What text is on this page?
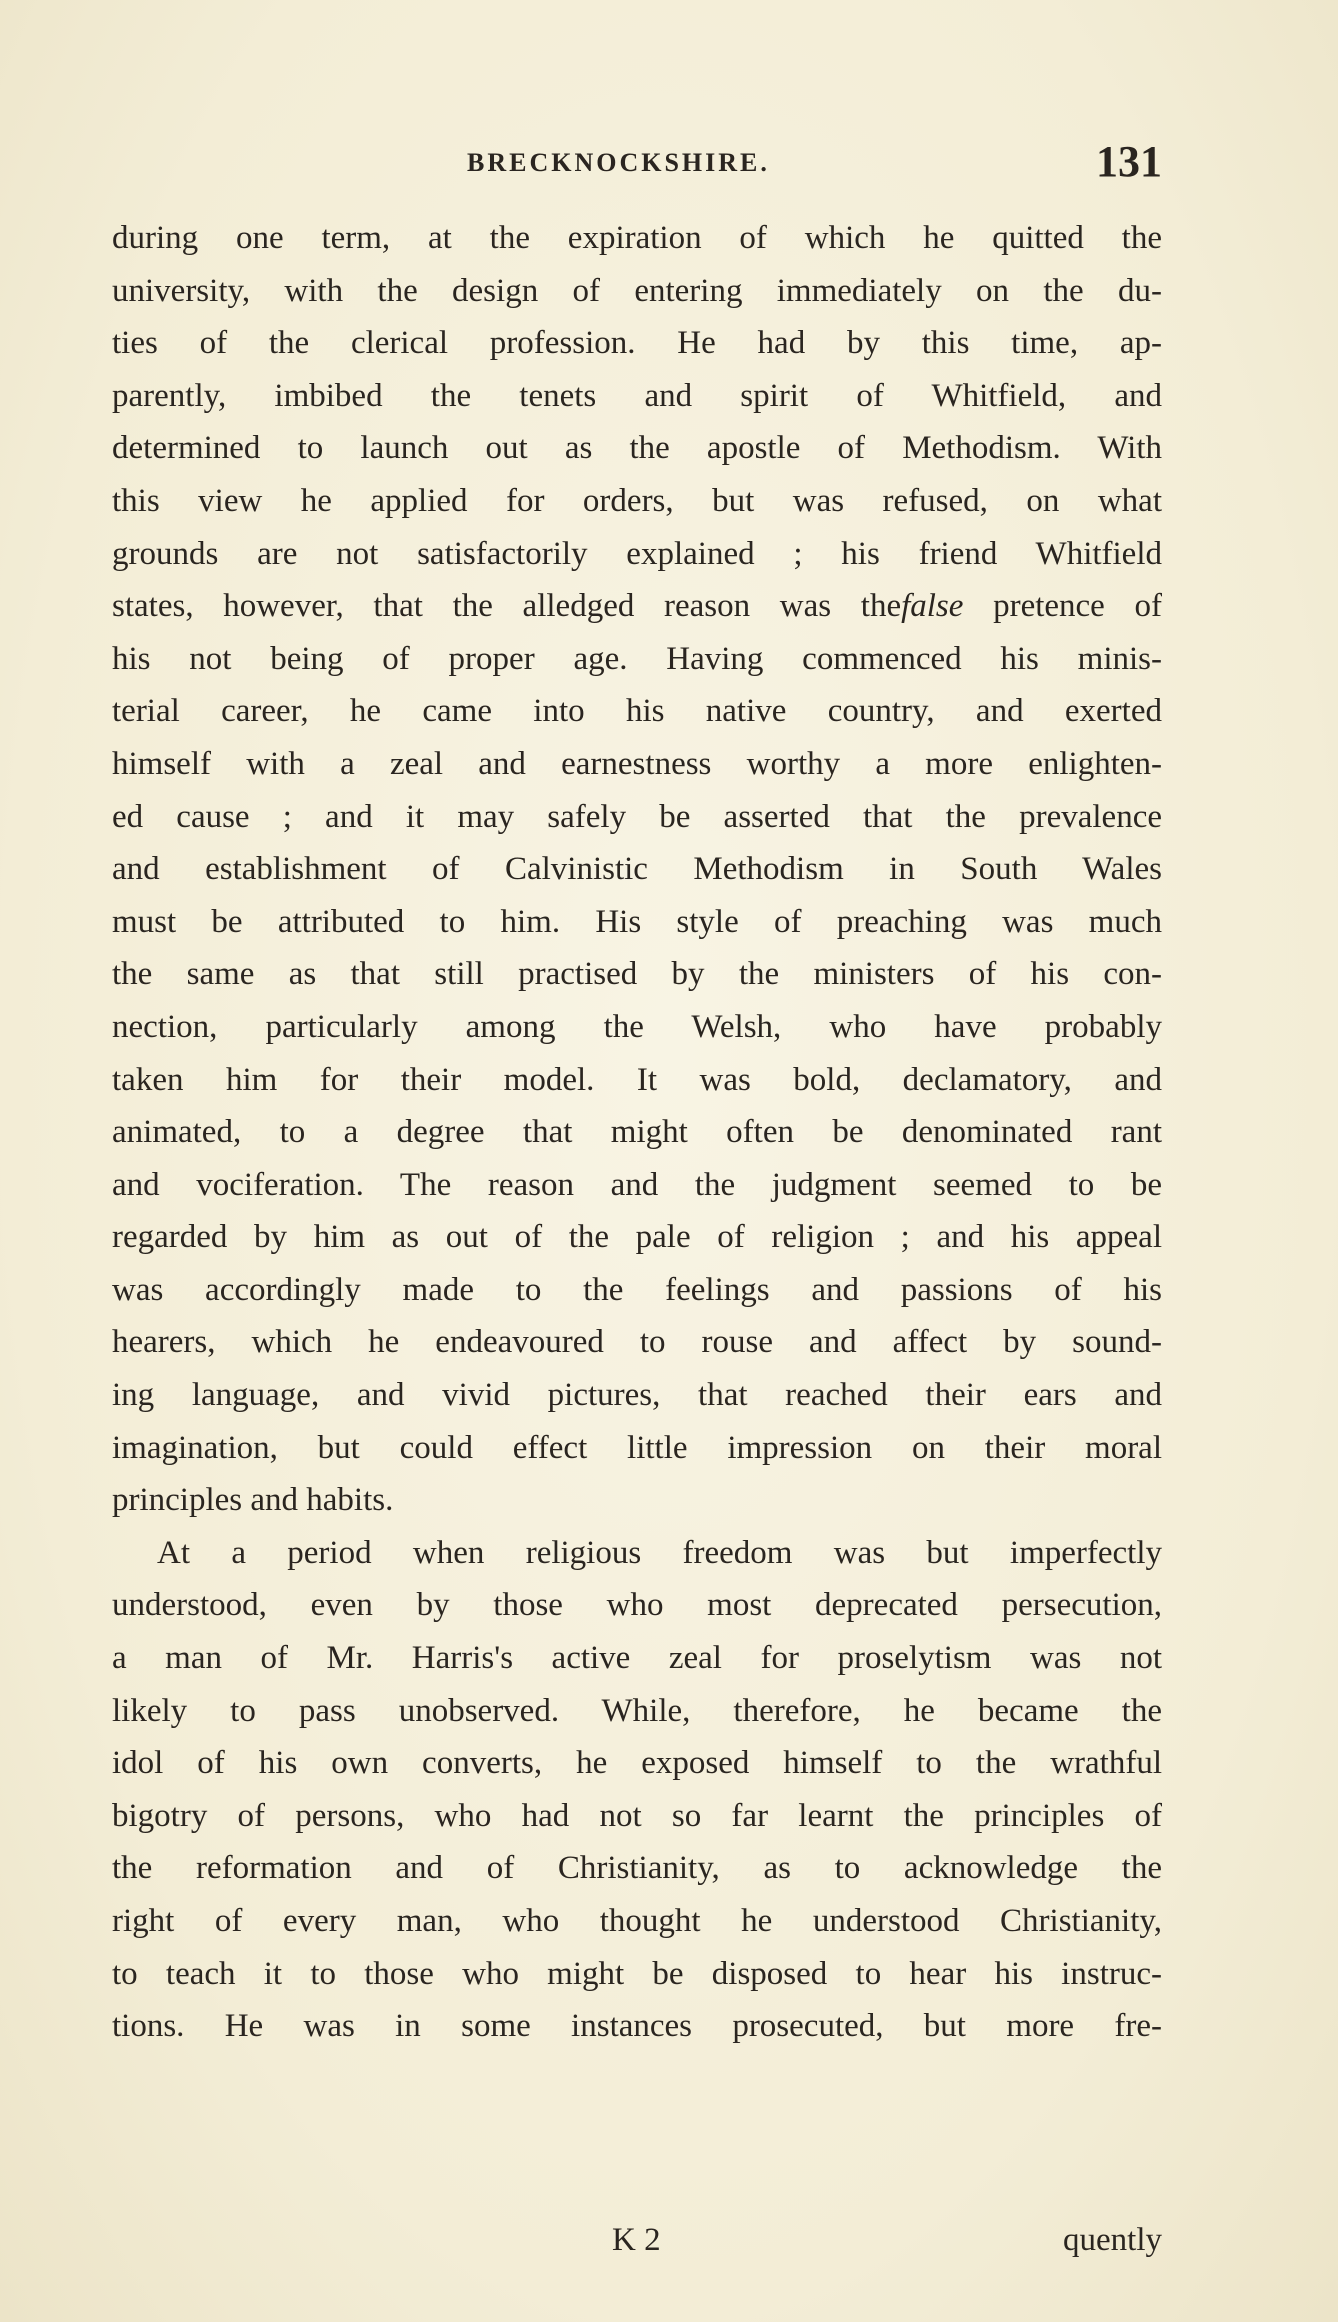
BRECKNOCKSHIRE.	131
during one term, at the expiration of which he quitted the
university, with the design of entering immediately on the du-
ties of the clerical profession. He had by this time, ap-
parently, imbibed the tenets and spirit of Whitfield, and
determined to launch out as the apostle of Methodism. With
this view he applied for orders, but was refused, on what
grounds are not satisfactorily explained ; his friend Whitfield
states, however, that the alledged reason was thefalse pretence of
his not being of proper age. Having commenced his minis-
terial career, he came into his native country, and exerted
himself with a zeal and earnestness worthy a more enlighten-
ed cause ; and it may safely be asserted that the prevalence
and establishment of Calvinistic Methodism in South Wales
must be attributed to him. His style of preaching was much
the same as that still practised by the ministers of his con-
nection, particularly among the Welsh, who have probably
taken him for their model. It was bold, declamatory, and
animated, to a degree that might often be denominated rant
and vociferation. The reason and the judgment seemed to be
regarded by him as out of the pale of religion ; and his appeal
was accordingly made to the feelings and passions of his
hearers, which he endeavoured to rouse and affect by sound-
ing language, and vivid pictures, that reached their ears and
imagination, but could effect little impression on their moral
principles and habits.
At a period when religious freedom was but imperfectly
understood, even by those who most deprecated persecution,
a man of Mr. Harris's active zeal for proselytism was not
likely to pass unobserved. While, therefore, he became the
idol of his own converts, he exposed himself to the wrathful
bigotry of persons, who had not so far learnt the principles of
the reformation and of Christianity, as to acknowledge the
right of every man, who thought he understood Christianity,
to teach it to those who might be disposed to hear his instruc-
tions. He was in some instances prosecuted, but more fre-
K 2	quently
